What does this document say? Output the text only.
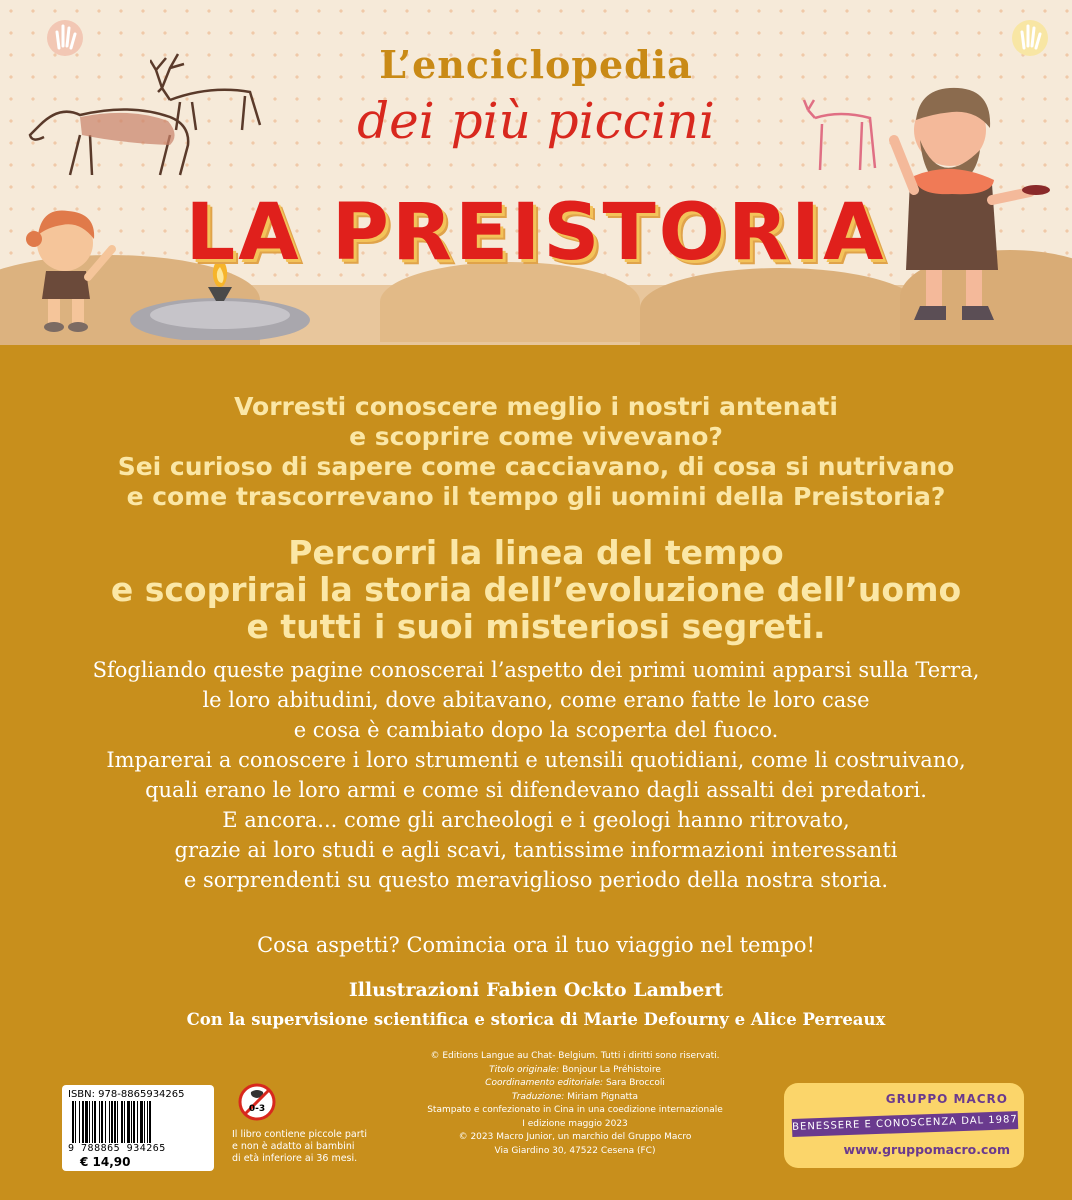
L’enciclopedia
dei più piccini
LA PREISTORIA
Vorresti conoscere meglio i nostri antenati
e scoprire come vivevano?
Sei curioso di sapere come cacciavano, di cosa si nutrivano
e come trascorrevano il tempo gli uomini della Preistoria?
Percorri la linea del tempo
e scoprirai la storia dell’evoluzione dell’uomo
e tutti i suoi misteriosi segreti.
Sfogliando queste pagine conoscerai l’aspetto dei primi uomini apparsi sulla Terra,
le loro abitudini, dove abitavano, come erano fatte le loro case
e cosa è cambiato dopo la scoperta del fuoco.
Imparerai a conoscere i loro strumenti e utensili quotidiani, come li costruivano,
quali erano le loro armi e come si difendevano dagli assalti dei predatori.
E ancora... come gli archeologi e i geologi hanno ritrovato,
grazie ai loro studi e agli scavi, tantissime informazioni interessanti
e sorprendenti su questo meraviglioso periodo della nostra storia.
Cosa aspetti? Comincia ora il tuo viaggio nel tempo!
Illustrazioni Fabien Ockto Lambert
Con la supervisione scientifica e storica di Marie Defourny e Alice Perreaux
© Editions Langue au Chat- Belgium. Tutti i diritti sono riservati.
Titolo originale: Bonjour La Préhistoire
Coordinamento editoriale: Sara Broccoli
Traduzione: Miriam Pignatta
Stampato e confezionato in Cina in una coedizione internazionale
I edizione maggio 2023
© 2023 Macro Junior, un marchio del Gruppo Macro
Via Giardino 30, 47522 Cesena (FC)
ISBN: 978-8865934265
9 788865 934265
€ 14,90
0-3
Il libro contiene piccole parti
e non è adatto ai bambini
di età inferiore ai 36 mesi.
GRUPPO MACRO
BENESSERE E CONOSCENZA DAL 1987
www.gruppomacro.com
